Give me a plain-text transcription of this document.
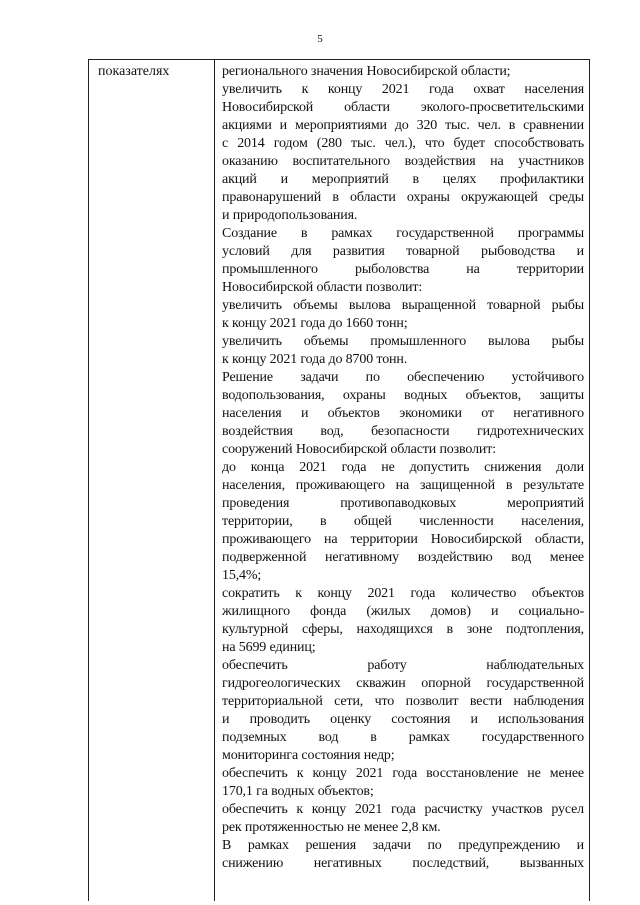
5
показателях	регионального значения Новосибирской области;
увеличить к концу 2021 года охват населения
Новосибирской области эколого-просветительскими
акциями и мероприятиями до 320 тыс. чел. в сравнении
с 2014 годом (280 тыс. чел.), что будет способствовать
оказанию воспитательного воздействия на участников
акций и мероприятий в целях профилактики
правонарушений в области охраны окружающей среды
и природопользования.
Создание в рамках государственной программы
условий для развития товарной рыбоводства и
промышленного рыболовства на территории
Новосибирской области позволит:
увеличить объемы вылова выращенной товарной рыбы
к концу 2021 года до 1660 тонн;
увеличить объемы промышленного вылова рыбы
к концу 2021 года до 8700 тонн.
Решение задачи по обеспечению устойчивого
водопользования, охраны водных объектов, защиты
населения и объектов экономики от негативного
воздействия вод, безопасности гидротехнических
сооружений Новосибирской области позволит:
до конца 2021 года не допустить снижения доли
населения, проживающего на защищенной в результате
проведения противопаводковых мероприятий
территории, в общей численности населения,
проживающего на территории Новосибирской области,
подверженной негативному воздействию вод менее
15,4%;
сократить к концу 2021 года количество объектов
жилищного фонда (жилых домов) и социально-
культурной сферы, находящихся в зоне подтопления,
на 5699 единиц;
обеспечить работу наблюдательных
гидрогеологических скважин опорной государственной
территориальной сети, что позволит вести наблюдения
и проводить оценку состояния и использования
подземных вод в рамках государственного
мониторинга состояния недр;
обеспечить к концу 2021 года восстановление не менее
170,1 га водных объектов;
обеспечить к концу 2021 года расчистку участков русел
рек протяженностью не менее 2,8 км.
В рамках решения задачи по предупреждению и
снижению негативных последствий, вызванных
